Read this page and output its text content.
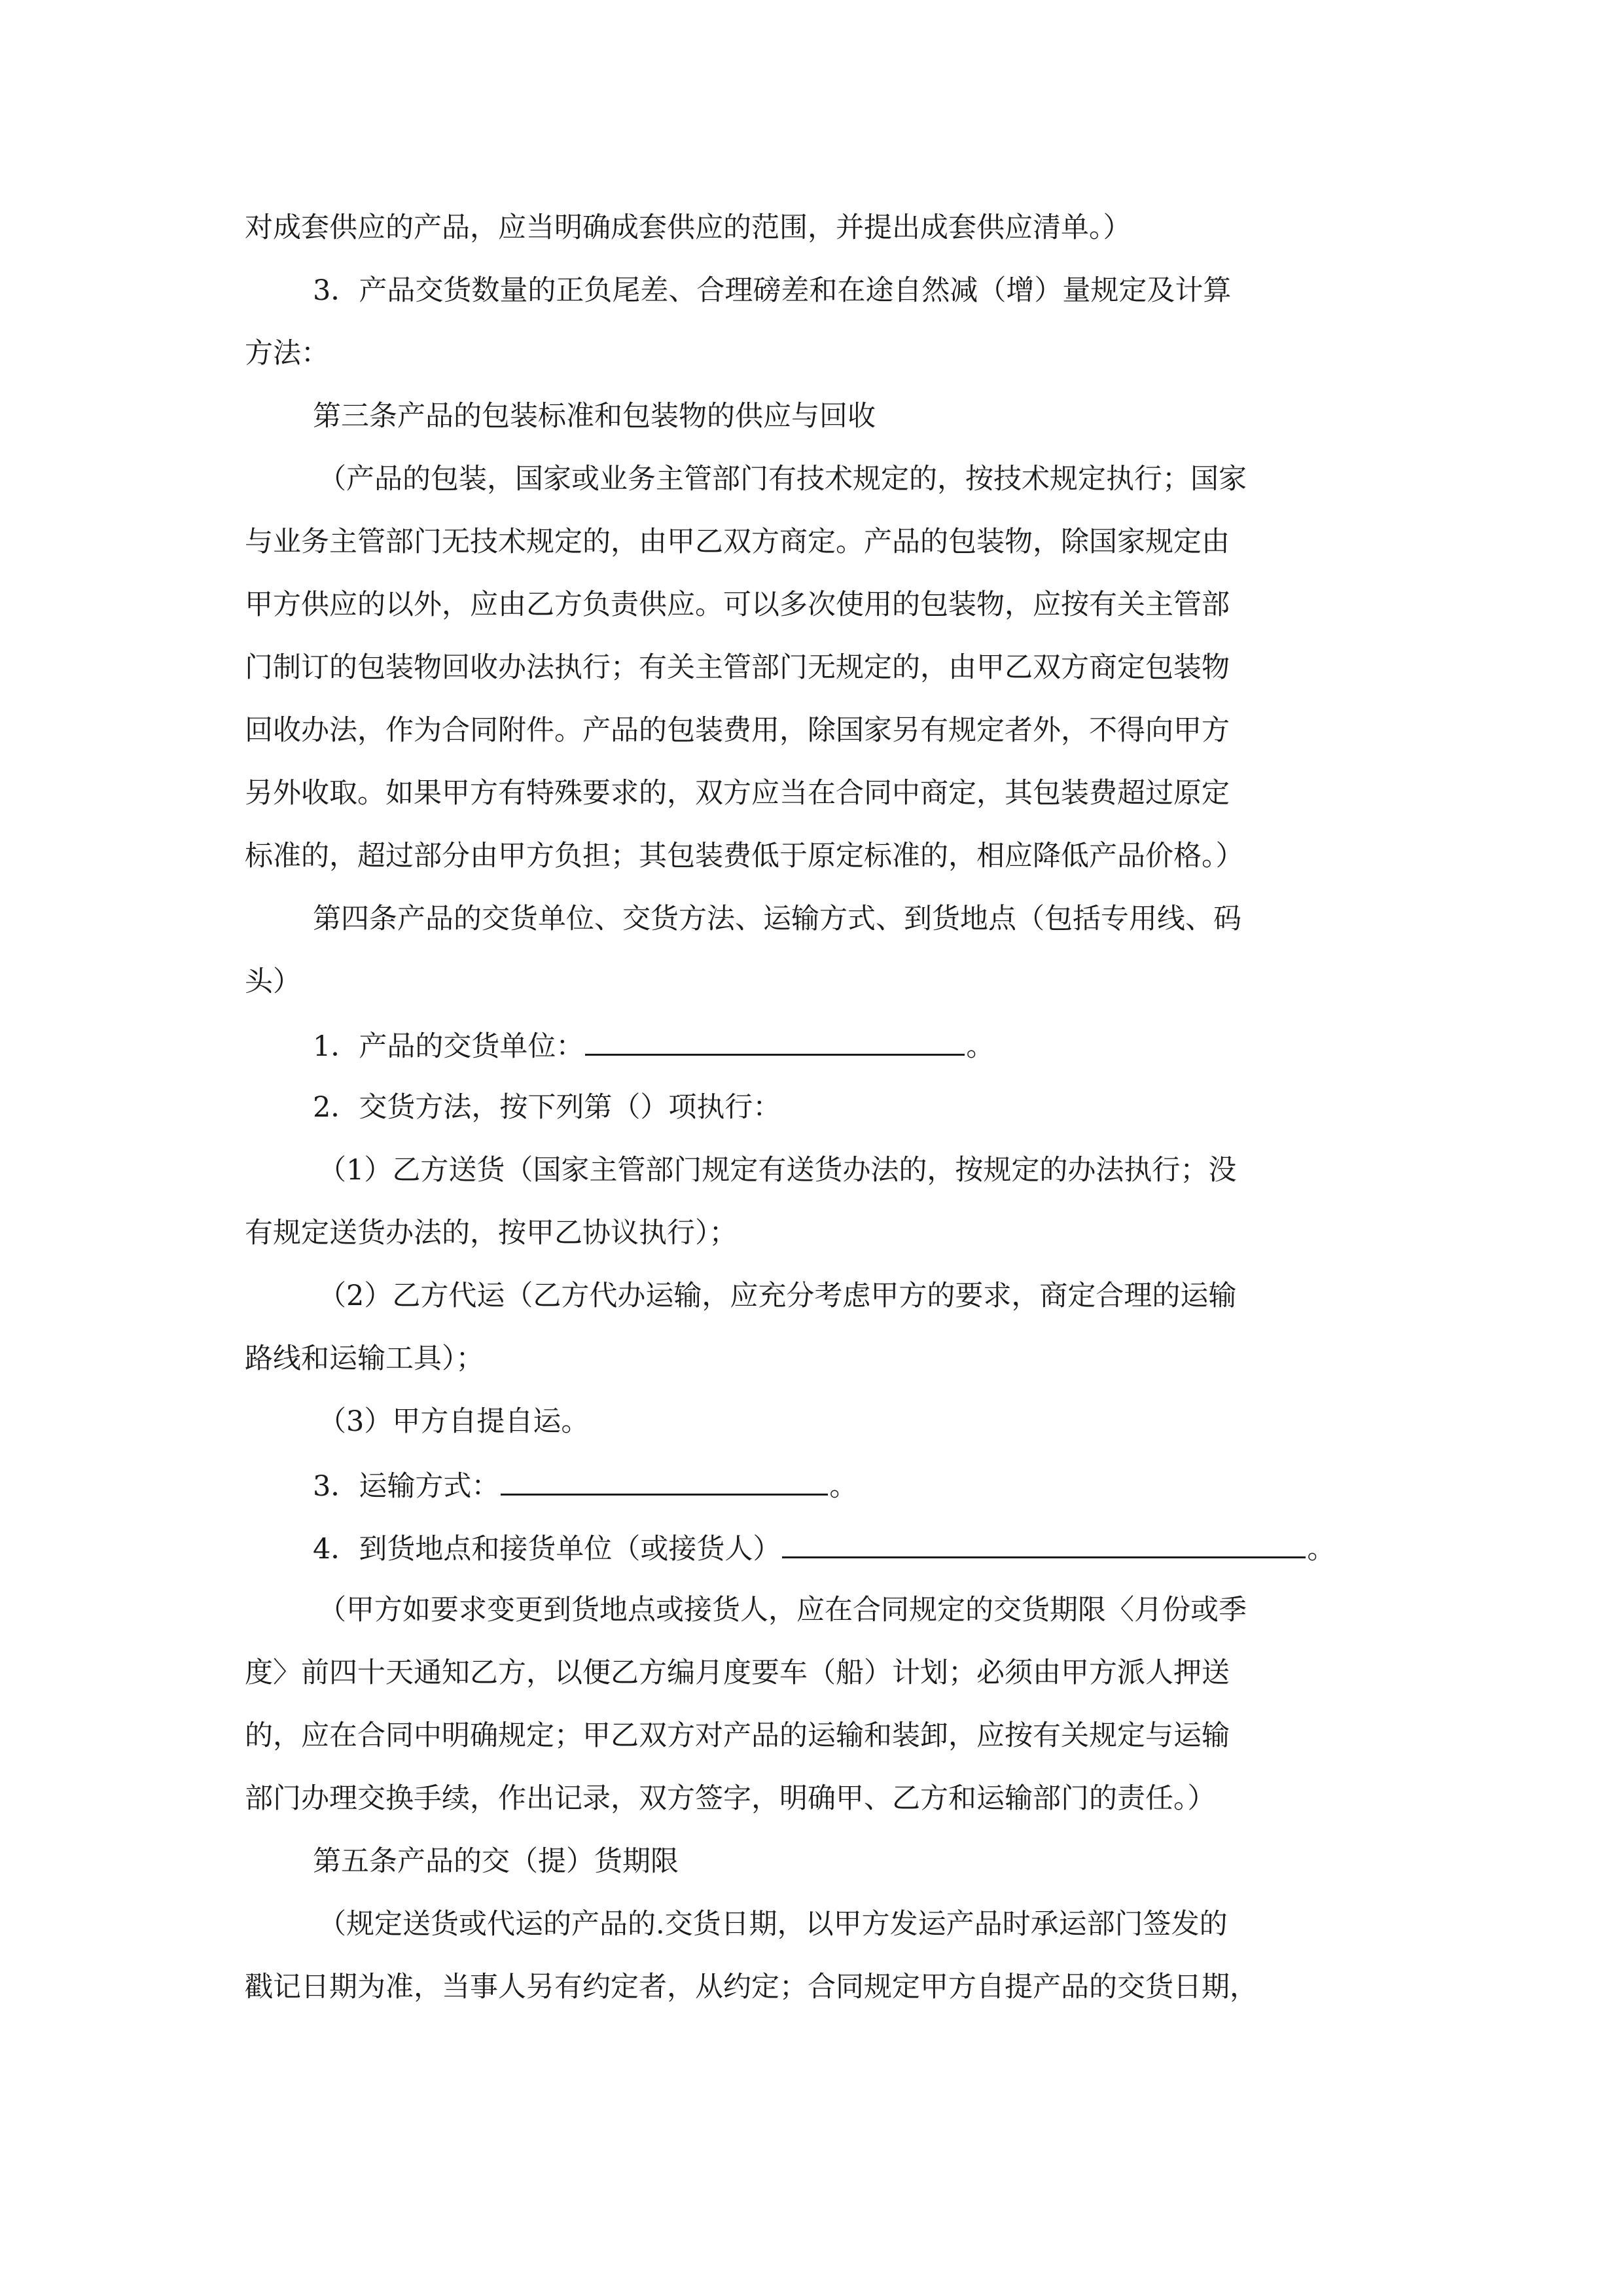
对成套供应的产品，应当明确成套供应的范围，并提出成套供应清单。）
3．产品交货数量的正负尾差、合理磅差和在途自然减（增）量规定及计算
方法：
第三条产品的包装标准和包装物的供应与回收
（产品的包装，国家或业务主管部门有技术规定的，按技术规定执行；国家
与业务主管部门无技术规定的，由甲乙双方商定。产品的包装物，除国家规定由
甲方供应的以外，应由乙方负责供应。可以多次使用的包装物，应按有关主管部
门制订的包装物回收办法执行；有关主管部门无规定的，由甲乙双方商定包装物
回收办法，作为合同附件。产品的包装费用，除国家另有规定者外，不得向甲方
另外收取。如果甲方有特殊要求的，双方应当在合同中商定，其包装费超过原定
标准的，超过部分由甲方负担；其包装费低于原定标准的，相应降低产品价格。）
第四条产品的交货单位、交货方法、运输方式、到货地点（包括专用线、码
头）
1．产品的交货单位：	。
2．交货方法，按下列第（）项执行：
（1）乙方送货（国家主管部门规定有送货办法的，按规定的办法执行；没
有规定送货办法的，按甲乙协议执行）；
（2）乙方代运（乙方代办运输，应充分考虑甲方的要求，商定合理的运输
路线和运输工具）；
（3）甲方自提自运。
3．运输方式：	。
4．到货地点和接货单位（或接货人）	。
（甲方如要求变更到货地点或接货人，应在合同规定的交货期限〈月份或季
度〉前四十天通知乙方，以便乙方编月度要车（船）计划；必须由甲方派人押送
的，应在合同中明确规定；甲乙双方对产品的运输和装卸，应按有关规定与运输
部门办理交换手续，作出记录，双方签字，明确甲、乙方和运输部门的责任。）
第五条产品的交（提）货期限
（规定送货或代运的产品的.交货日期，以甲方发运产品时承运部门签发的
戳记日期为准，当事人另有约定者，从约定；合同规定甲方自提产品的交货日期，
